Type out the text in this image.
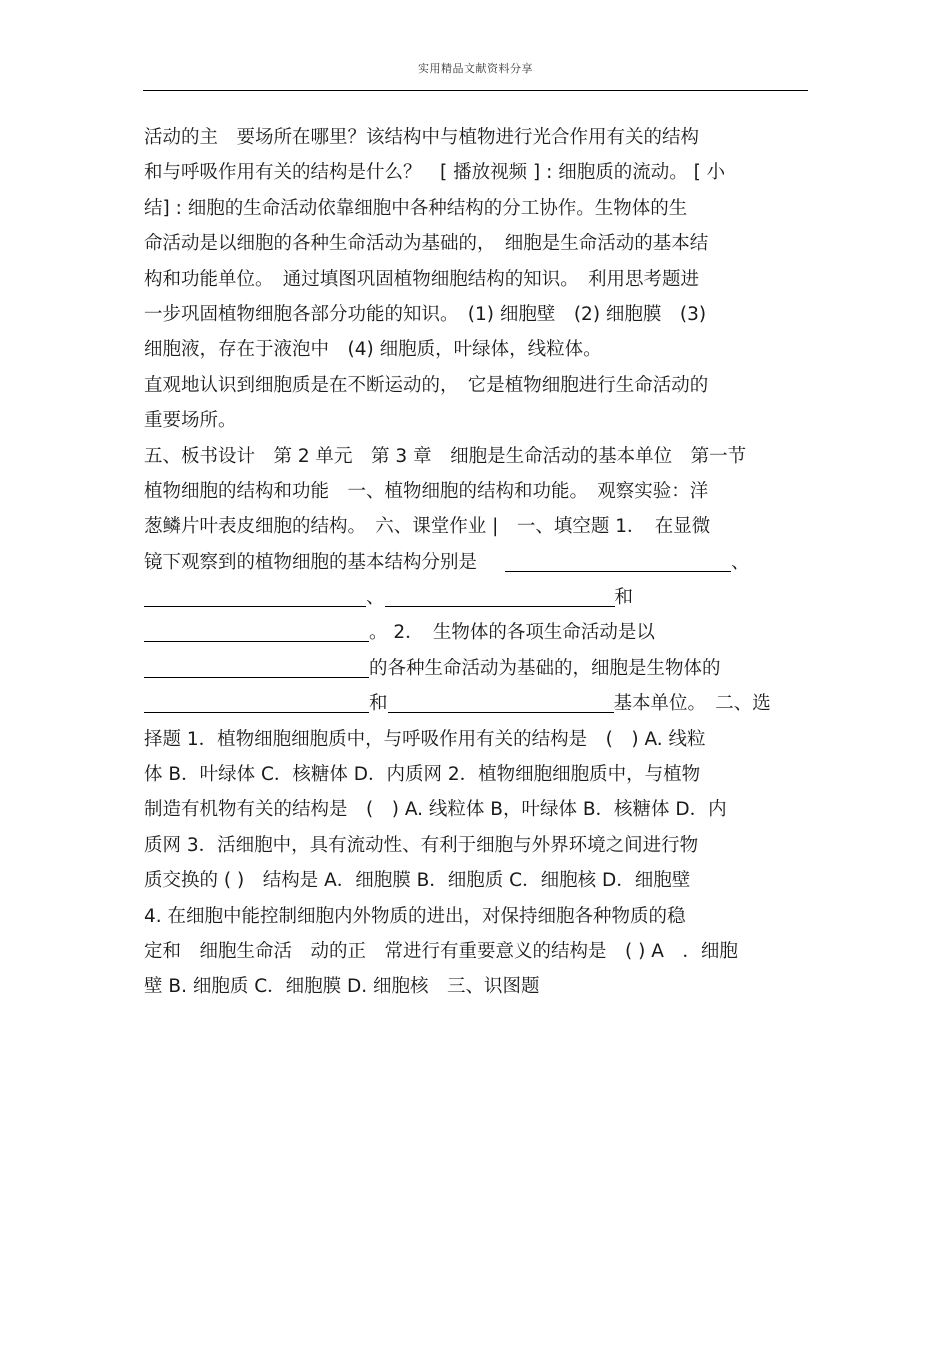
实用精品文献资料分享
活动的主　要场所在哪里？该结构中与植物进行光合作用有关的结构
和与呼吸作用有关的结构是什么？　[ 播放视频 ] : 细胞质的流动。 [ 小
结] : 细胞的生命活动依靠细胞中各种结构的分工协作。生物体的生
命活动是以细胞的各种生命活动为基础的，　细胞是生命活动的基本结
构和功能单位。　通过填图巩固植物细胞结构的知识。　利用思考题进
一步巩固植物细胞各部分功能的知识。　(1) 细胞壁　(2) 细胞膜　(3)
细胞液，存在于液泡中　(4) 细胞质，叶绿体，线粒体。
直观地认识到细胞质是在不断运动的，　它是植物细胞进行生命活动的
重要场所。
五、板书设计　第 2 单元　第 3 章　细胞是生命活动的基本单位　第一节
植物细胞的结构和功能　一、植物细胞的结构和功能。　观察实验：洋
葱鳞片叶表皮细胞的结构。　六、课堂作业 |　一、填空题 1．　在显微
镜下观察到的植物细胞的基本结构分别是	、
、	和
。 2．　生物体的各项生命活动是以
的各种生命活动为基础的，细胞是生物体的
和	基本单位。　二、选
择题 1．植物细胞细胞质中，与呼吸作用有关的结构是　(　) A. 线粒
体 B．叶绿体 C．核糖体 D．内质网 2．植物细胞细胞质中，与植物
制造有机物有关的结构是　(　) A. 线粒体 B，叶绿体 B．核糖体 D．内
质网 3．活细胞中，具有流动性、有利于细胞与外界环境之间进行物
质交换的 ( )　结构是 A．细胞膜 B．细胞质 C．细胞核 D．细胞壁
4. 在细胞中能控制细胞内外物质的进出，对保持细胞各种物质的稳
定和　细胞生命活　动的正　常进行有重要意义的结构是　( ) A　．细胞
壁 B. 细胞质 C．细胞膜 D. 细胞核　三、识图题
